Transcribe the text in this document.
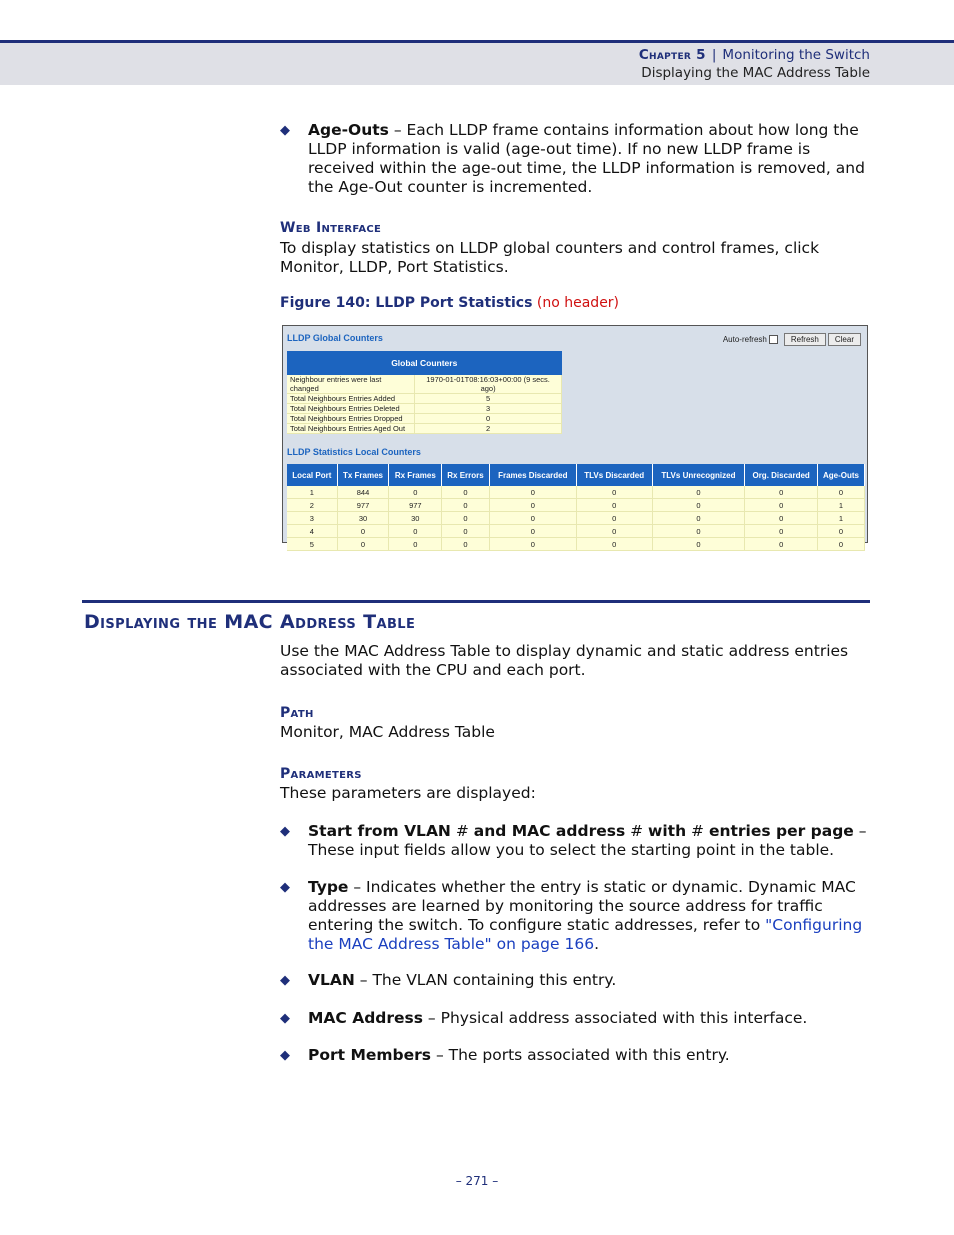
Chapter 5 | Monitoring the Switch
Displaying the MAC Address Table
◆ Age-Outs – Each LLDP frame contains information about how long the LLDP information is valid (age-out time). If no new LLDP frame is received within the age-out time, the LLDP information is removed, and the Age-Out counter is incremented.
Web Interface
To display statistics on LLDP global counters and control frames, click Monitor, LLDP, Port Statistics.
Figure 140: LLDP Port Statistics (no header)
LLDP Global Counters	Auto-refresh	Refresh Clear
Global Counters	
Neighbour entries were last changed	1970-01-01T08:16:03+00:00 (9 secs. ago)
Total Neighbours Entries Added	5
Total Neighbours Entries Deleted	3
Total Neighbours Entries Dropped	0
Total Neighbours Entries Aged Out	2
LLDP Statistics Local Counters
Local Port	Tx Frames	Rx Frames	Rx Errors	Frames Discarded	TLVs Discarded	TLVs Unrecognized	Org. Discarded	Age-Outs
1	844	0	0	0	0	0	0	0
2	977	977	0	0	0	0	0	1
3	30	30	0	0	0	0	0	1
4	0	0	0	0	0	0	0	0
5	0	0	0	0	0	0	0	0
Displaying the MAC Address Table
Use the MAC Address Table to display dynamic and static address entries associated with the CPU and each port.
Path
Monitor, MAC Address Table
Parameters
These parameters are displayed:
◆ Start from VLAN # and MAC address # with # entries per page – These input fields allow you to select the starting point in the table.
◆ Type – Indicates whether the entry is static or dynamic. Dynamic MAC addresses are learned by monitoring the source address for traffic entering the switch. To configure static addresses, refer to "Configuring the MAC Address Table" on page 166.
◆ VLAN – The VLAN containing this entry.
◆ MAC Address – Physical address associated with this interface.
◆ Port Members – The ports associated with this entry.
– 271 –
